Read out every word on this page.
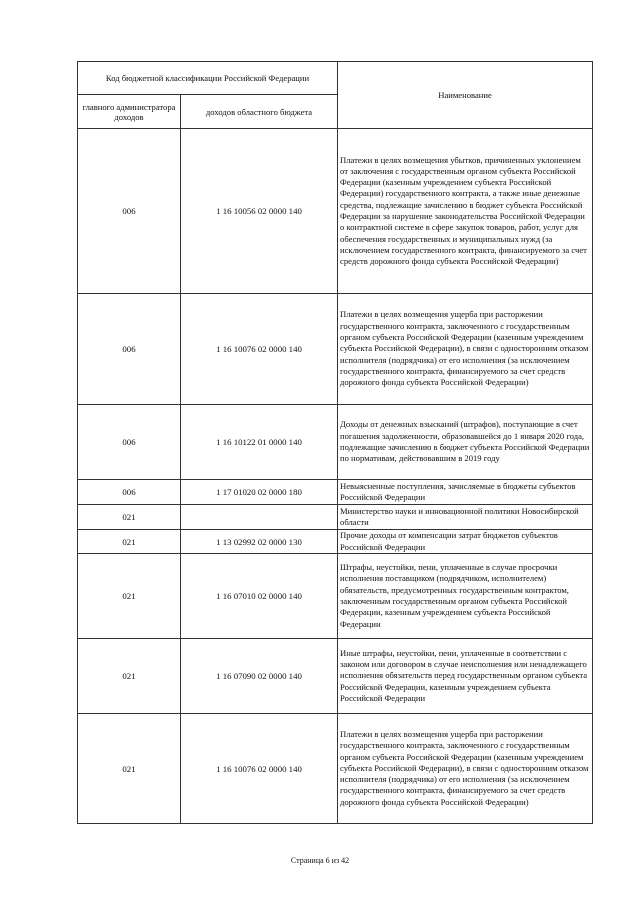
Код бюджетной классификации Российской Федерации		Наименование
главного администратора доходов	доходов областного бюджета	
006	1 16 10056 02 0000 140	Платежи в целях возмещения убытков, причиненных уклонением от заключения с государственным органом субъекта Российской Федерации (казенным учреждением субъекта Российской Федерации) государственного контракта, а также иные денежные средства, подлежащие зачислению в бюджет субъекта Российской Федерации за нарушение законодательства Российской Федерации о контрактной системе в сфере закупок товаров, работ, услуг для обеспечения государственных и муниципальных нужд (за исключением государственного контракта, финансируемого за счет средств дорожного фонда субъекта Российской Федерации)
006	1 16 10076 02 0000 140	Платежи в целях возмещения ущерба при расторжении государственного контракта, заключенного с государственным органом субъекта Российской Федерации (казенным учреждением субъекта Российской Федерации), в связи с односторонним отказом исполнителя (подрядчика) от его исполнения (за исключением государственного контракта, финансируемого за счет средств дорожного фонда субъекта Российской Федерации)
006	1 16 10122 01 0000 140	Доходы от денежных взысканий (штрафов), поступающие в счет погашения задолженности, образовавшейся до 1 января 2020 года, подлежащие зачислению в бюджет субъекта Российской Федерации по нормативам, действовавшим в 2019 году
006	1 17 01020 02 0000 180	Невыясненные поступления, зачисляемые в бюджеты субъектов Российской Федерации
021		Министерство науки и инновационной политики Новосибирской области
021	1 13 02992 02 0000 130	Прочие доходы от компенсации затрат бюджетов субъектов Российской Федерации
021	1 16 07010 02 0000 140	Штрафы, неустойки, пени, уплаченные в случае просрочки исполнения поставщиком (подрядчиком, исполнителем) обязательств, предусмотренных государственным контрактом, заключенным государственным органом субъекта Российской Федерации, казенным учреждением субъекта Российской Федерации
021	1 16 07090 02 0000 140	Иные штрафы, неустойки, пени, уплаченные в соответствии с законом или договором в случае неисполнения или ненадлежащего исполнения обязательств перед государственным органом субъекта Российской Федерации, казенным учреждением субъекта Российской Федерации
021	1 16 10076 02 0000 140	Платежи в целях возмещения ущерба при расторжении государственного контракта, заключенного с государственным органом субъекта Российской Федерации (казенным учреждением субъекта Российской Федерации), в связи с односторонним отказом исполнителя (подрядчика) от его исполнения (за исключением государственного контракта, финансируемого за счет средств дорожного фонда субъекта Российской Федерации)
Страница 6 из 42
